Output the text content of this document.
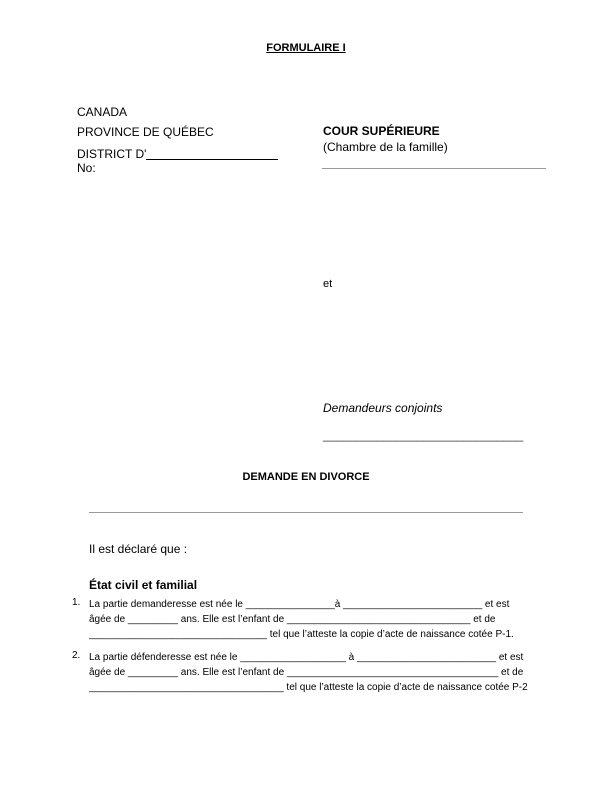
FORMULAIRE I
CANADA
PROVINCE DE QUÉBEC
DISTRICT D'
No:
COUR SUPÉRIEURE
(Chambre de la famille)
et
Demandeurs conjoints
______________________________
DEMANDE EN DIVORCE
Il est déclaré que :
État civil et familial
1. La partie demanderesse est née le ________________à _________________________ et est
âgée de _________ ans. Elle est l’enfant de _________________________________ et de
________________________________ tel que l’atteste la copie d’acte de naissance cotée P-1.
2. La partie défenderesse est née le ___________________ à _________________________ et est
âgée de _________ ans. Elle est l’enfant de ______________________________________ et de
___________________________________ tel que l’atteste la copie d’acte de naissance cotée P-2
